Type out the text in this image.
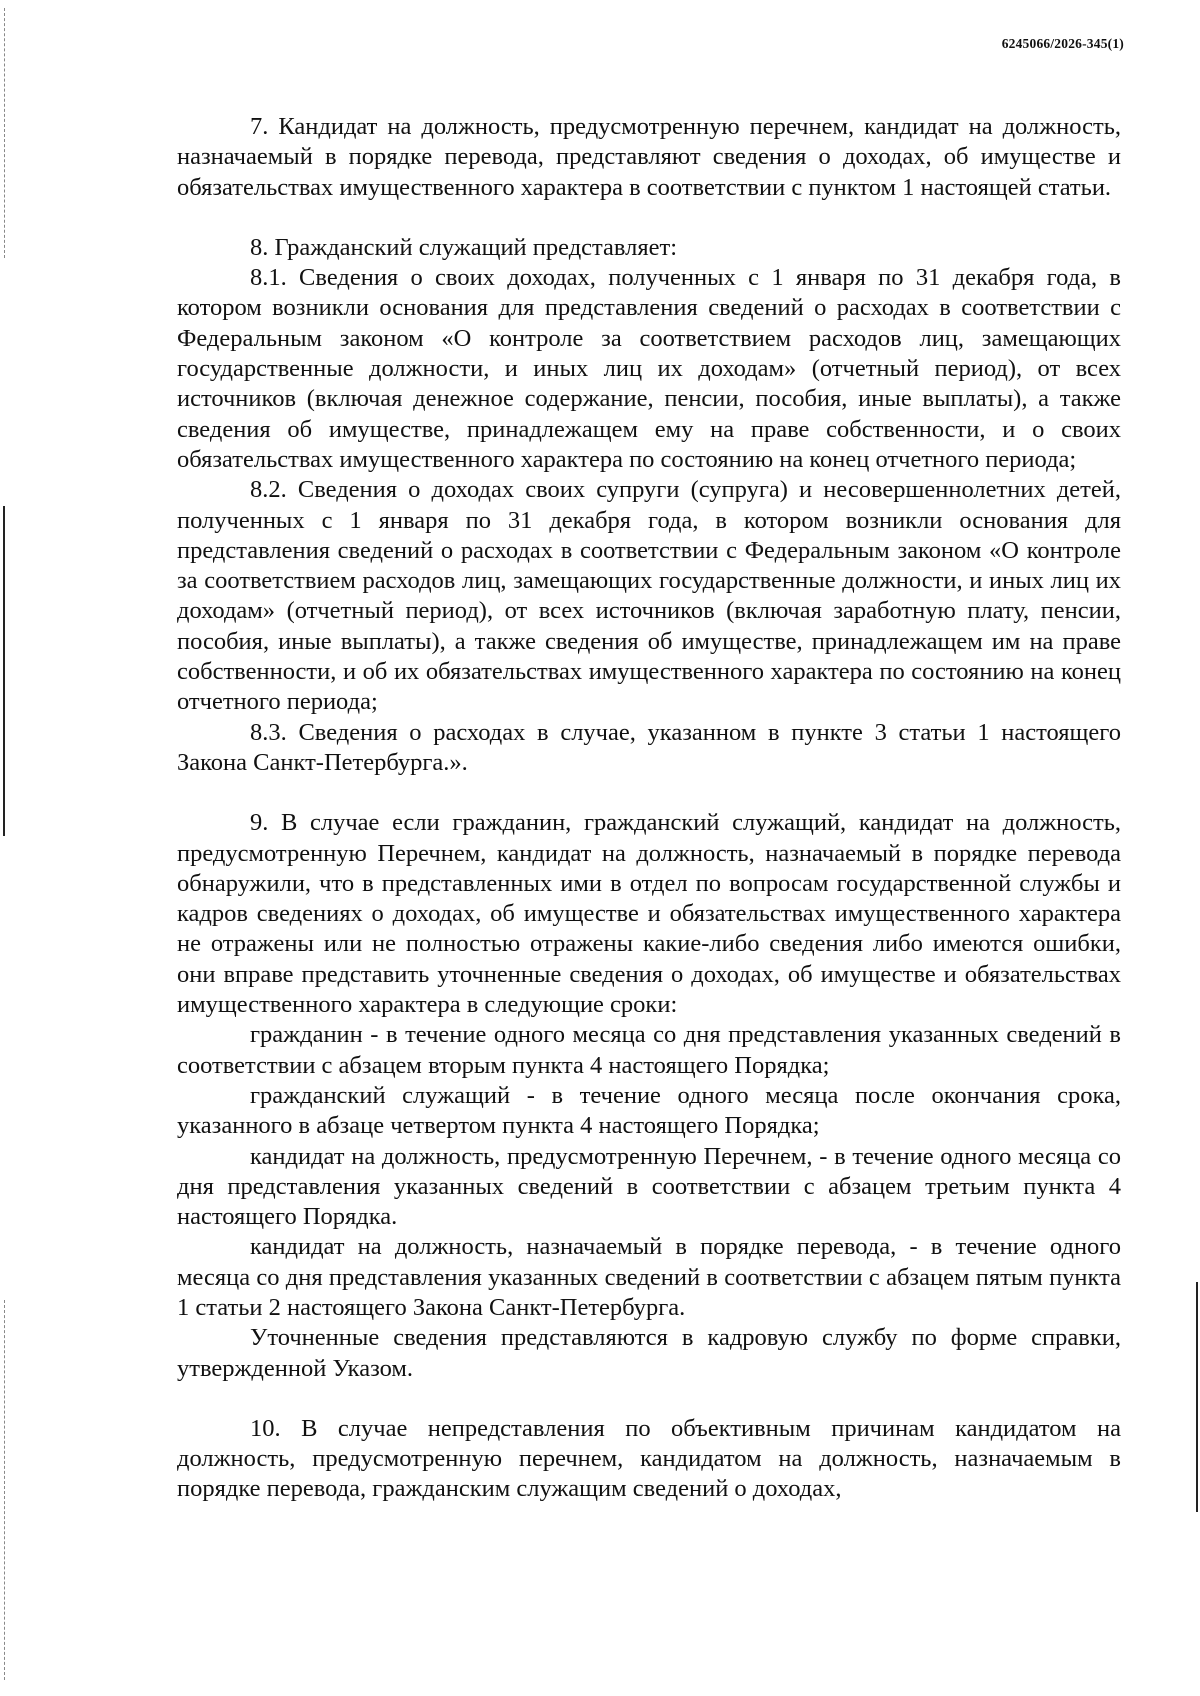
6245066/2026-345(1)

7. Кандидат на должность, предусмотренную перечнем, кандидат на должность, назначаемый в порядке перевода, представляют сведения о доходах, об имуществе и обязательствах имущественного характера в соответствии с пунктом 1 настоящей статьи.

8. Гражданский служащий представляет:

8.1. Сведения о своих доходах, полученных с 1 января по 31 декабря года, в котором возникли основания для представления сведений о расходах в соответствии с Федеральным законом «О контроле за соответствием расходов лиц, замещающих государственные должности, и иных лиц их доходам» (отчетный период), от всех источников (включая денежное содержание, пенсии, пособия, иные выплаты), а также сведения об имуществе, принадлежащем ему на праве собственности, и о своих обязательствах имущественного характера по состоянию на конец отчетного периода;

8.2. Сведения о доходах своих супруги (супруга) и несовершеннолетних детей, полученных с 1 января по 31 декабря года, в котором возникли основания для представления сведений о расходах в соответствии с Федеральным законом «О контроле за соответствием расходов лиц, замещающих государственные должности, и иных лиц их доходам» (отчетный период), от всех источников (включая заработную плату, пенсии, пособия, иные выплаты), а также сведения об имуществе, принадлежащем им на праве собственности, и об их обязательствах имущественного характера по состоянию на конец отчетного периода;

8.3. Сведения о расходах в случае, указанном в пункте 3 статьи 1 настоящего Закона Санкт-Петербурга.».

9. В случае если гражданин, гражданский служащий, кандидат на должность, предусмотренную Перечнем, кандидат на должность, назначаемый в порядке перевода обнаружили, что в представленных ими в отдел по вопросам государственной службы и кадров сведениях о доходах, об имуществе и обязательствах имущественного характера не отражены или не полностью отражены какие-либо сведения либо имеются ошибки, они вправе представить уточненные сведения о доходах, об имуществе и обязательствах имущественного характера в следующие сроки:

гражданин - в течение одного месяца со дня представления указанных сведений в соответствии с абзацем вторым пункта 4 настоящего Порядка;

гражданский служащий - в течение одного месяца после окончания срока, указанного в абзаце четвертом пункта 4 настоящего Порядка;

кандидат на должность, предусмотренную Перечнем, - в течение одного месяца со дня представления указанных сведений в соответствии с абзацем третьим пункта 4 настоящего Порядка.

кандидат на должность, назначаемый в порядке перевода, - в течение одного месяца со дня представления указанных сведений в соответствии с абзацем пятым пункта 1 статьи 2 настоящего Закона Санкт-Петербурга.

Уточненные сведения представляются в кадровую службу по форме справки, утвержденной Указом.

10. В случае непредставления по объективным причинам кандидатом на должность, предусмотренную перечнем, кандидатом на должность, назначаемым в порядке перевода, гражданским служащим сведений о доходах,
